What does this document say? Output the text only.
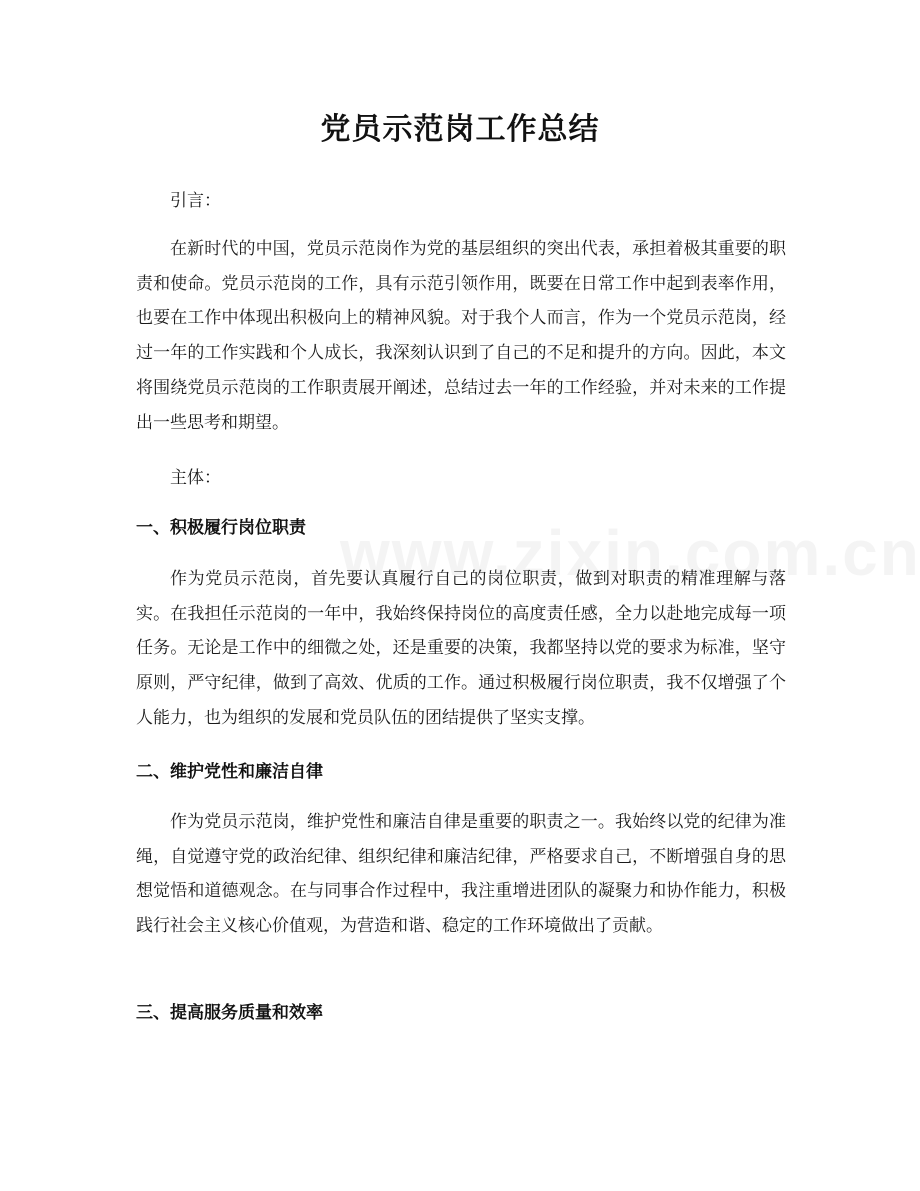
党员示范岗工作总结

引言：

在新时代的中国，党员示范岗作为党的基层组织的突出代表，承担着极其重要的职责和使命。党员示范岗的工作，具有示范引领作用，既要在日常工作中起到表率作用，也要在工作中体现出积极向上的精神风貌。对于我个人而言，作为一个党员示范岗，经过一年的工作实践和个人成长，我深刻认识到了自己的不足和提升的方向。因此，本文将围绕党员示范岗的工作职责展开阐述，总结过去一年的工作经验，并对未来的工作提出一些思考和期望。

主体：

一、积极履行岗位职责

作为党员示范岗，首先要认真履行自己的岗位职责，做到对职责的精准理解与落实。在我担任示范岗的一年中，我始终保持岗位的高度责任感，全力以赴地完成每一项任务。无论是工作中的细微之处，还是重要的决策，我都坚持以党的要求为标准，坚守原则，严守纪律，做到了高效、优质的工作。通过积极履行岗位职责，我不仅增强了个人能力，也为组织的发展和党员队伍的团结提供了坚实支撑。

二、维护党性和廉洁自律

作为党员示范岗，维护党性和廉洁自律是重要的职责之一。我始终以党的纪律为准绳，自觉遵守党的政治纪律、组织纪律和廉洁纪律，严格要求自己，不断增强自身的思想觉悟和道德观念。在与同事合作过程中，我注重增进团队的凝聚力和协作能力，积极践行社会主义核心价值观，为营造和谐、稳定的工作环境做出了贡献。

三、提高服务质量和效率
